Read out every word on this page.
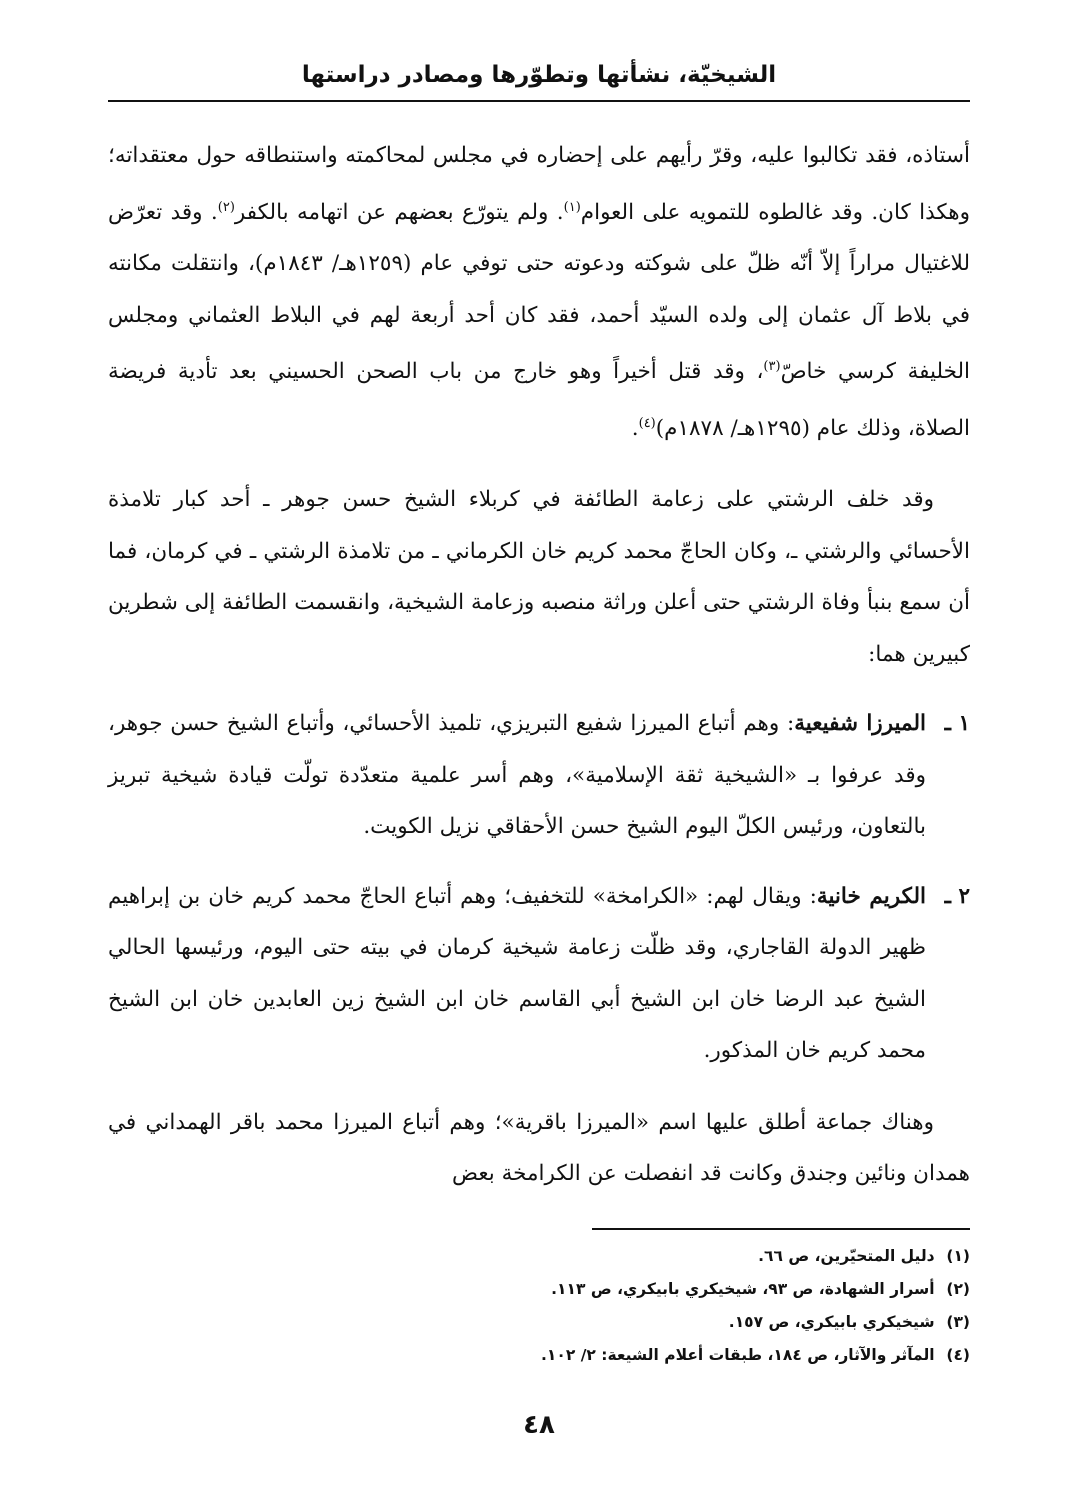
الشيخيّة، نشأتها وتطوّرها ومصادر دراستها

أستاذه، فقد تكالبوا عليه، وقرّ رأيهم على إحضاره في مجلس لمحاكمته واستنطاقه حول معتقداته؛ وهكذا كان. وقد غالطوه للتمويه على العوام$^{(١)}$. ولم يتورّع بعضهم عن اتهامه بالكفر$^{(٢)}$. وقد تعرّض للاغتيال مراراً إلاّ أنّه ظلّ على شوكته ودعوته حتى توفي عام (١٢٥٩هـ/ ١٨٤٣م)، وانتقلت مكانته في بلاط آل عثمان إلى ولده السيّد أحمد، فقد كان أحد أربعة لهم في البلاط العثماني ومجلس الخليفة كرسي خاصّ$^{(٣)}$، وقد قتل أخيراً وهو خارج من باب الصحن الحسيني بعد تأدية فريضة الصلاة، وذلك عام (١٢٩٥هـ/ ١٨٧٨م)$^{(٤)}$.

وقد خلف الرشتي على زعامة الطائفة في كربلاء الشيخ حسن جوهر ـ أحد كبار تلامذة الأحسائي والرشتي ـ، وكان الحاجّ محمد كريم خان الكرماني ـ من تلامذة الرشتي ـ في كرمان، فما أن سمع بنبأ وفاة الرشتي حتى أعلن وراثة منصبه وزعامة الشيخية، وانقسمت الطائفة إلى شطرين كبيرين هما:

١ ـ
الميرزا شفيعية: وهم أتباع الميرزا شفيع التبريزي، تلميذ الأحسائي، وأتباع الشيخ حسن جوهر، وقد عرفوا بـ «الشيخية ثقة الإسلامية»، وهم أسر علمية متعدّدة تولّت قيادة شيخية تبريز بالتعاون، ورئيس الكلّ اليوم الشيخ حسن الأحقاقي نزيل الكويت.
٢ ـ
الكريم خانية: ويقال لهم: «الكرامخة» للتخفيف؛ وهم أتباع الحاجّ محمد كريم خان بن إبراهيم ظهير الدولة القاجاري، وقد ظلّت زعامة شيخية كرمان في بيته حتى اليوم، ورئيسها الحالي الشيخ عبد الرضا خان ابن الشيخ أبي القاسم خان ابن الشيخ زين العابدين خان ابن الشيخ محمد كريم خان المذكور.

وهناك جماعة أطلق عليها اسم «الميرزا باقرية»؛ وهم أتباع الميرزا محمد باقر الهمداني في همدان ونائين وجندق وكانت قد انفصلت عن الكرامخة بعض

(١) دليل المتحيّرين، ص ٦٦.
(٢) أسرار الشهادة، ص ٩٣، شيخيكري بابيكري، ص ١١٣.
(٣) شيخيكري بابيكري، ص ١٥٧.
(٤) المآثر والآثار، ص ١٨٤، طبقات أعلام الشيعة: ٢/ ١٠٢.
٤٨
